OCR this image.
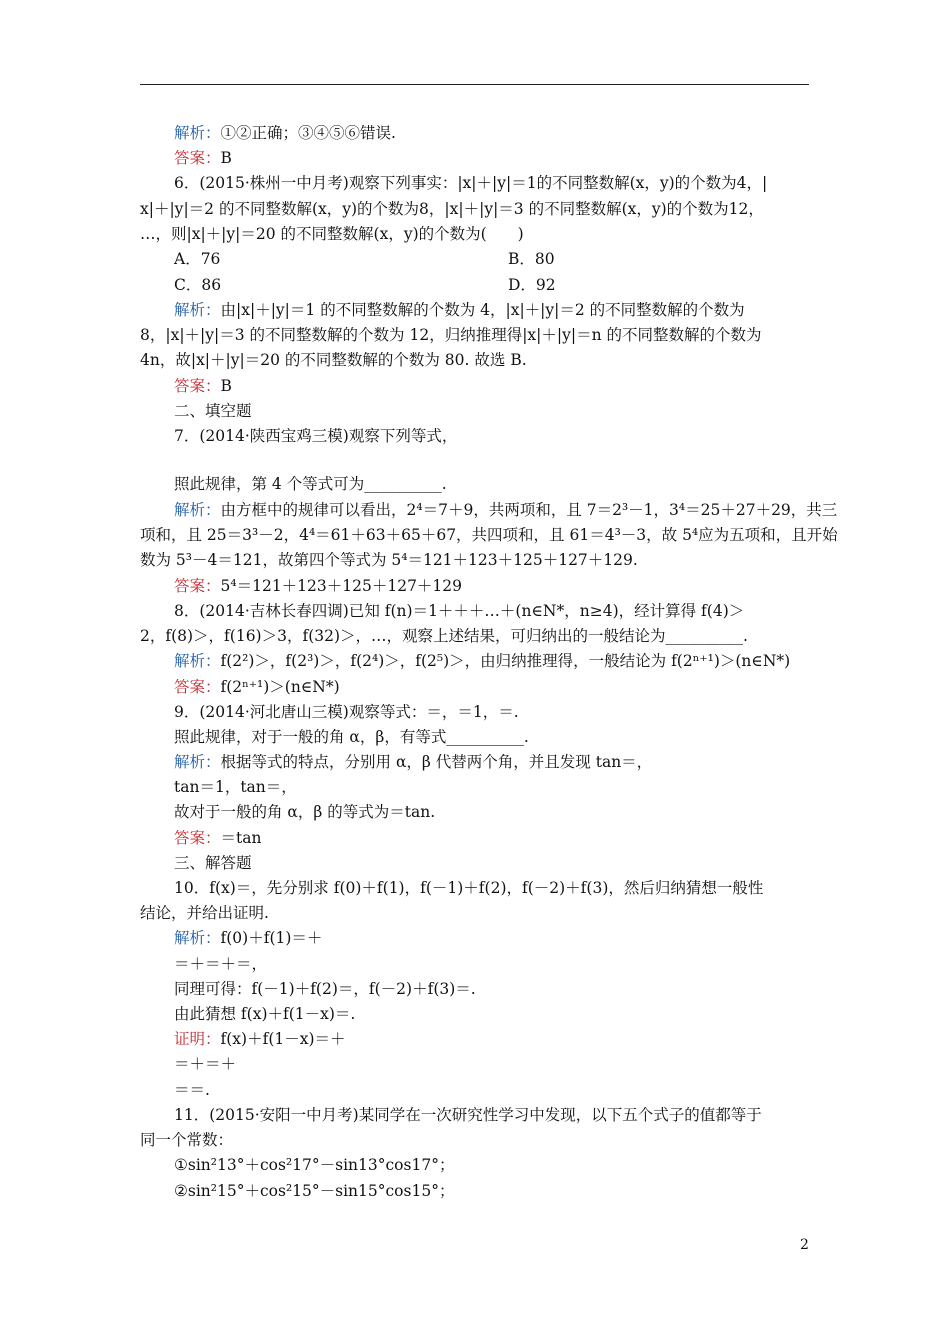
解析：①②正确；③④⑤⑥错误.
答案：B
6．(2015·株州一中月考)观察下列事实：|x|＋|y|＝1的不同整数解(x，y)的个数为4，|
x|＋|y|＝2 的不同整数解(x，y)的个数为8，|x|＋|y|＝3 的不同整数解(x，y)的个数为12，
…，则|x|＋|y|＝20 的不同整数解(x，y)的个数为(　　)
A．76	B．80
C．86	D．92
解析：由|x|＋|y|＝1 的不同整数解的个数为 4，|x|＋|y|＝2 的不同整数解的个数为
8，|x|＋|y|＝3 的不同整数解的个数为 12，归纳推理得|x|＋|y|＝n 的不同整数解的个数为
4n，故|x|＋|y|＝20 的不同整数解的个数为 80. 故选 B.
答案：B
二、填空题
7．(2014·陕西宝鸡三模)观察下列等式，
照此规律，第 4 个等式可为__________.
解析：由方框中的规律可以看出，2⁴＝7＋9，共两项和，且 7＝2³－1，3⁴＝25＋27＋29，共三
项和，且 25＝3³－2，4⁴＝61＋63＋65＋67，共四项和，且 61＝4³－3，故 5⁴应为五项和，且开始
数为 5³－4＝121，故第四个等式为 5⁴＝121＋123＋125＋127＋129.
答案：5⁴＝121＋123＋125＋127＋129
8．(2014·吉林长春四调)已知 f(n)＝1＋＋＋…＋(n∈N*，n≥4)，经计算得 f(4)＞
2，f(8)＞，f(16)＞3，f(32)＞，…，观察上述结果，可归纳出的一般结论为__________.
解析：f(2²)＞，f(2³)＞，f(2⁴)＞，f(2⁵)＞，由归纳推理得，一般结论为 f(2ⁿ⁺¹)＞(n∈N*)
答案：f(2ⁿ⁺¹)＞(n∈N*)
9．(2014·河北唐山三模)观察等式：＝，＝1，＝.
照此规律，对于一般的角 α，β，有等式__________.
解析：根据等式的特点，分别用 α，β 代替两个角，并且发现 tan＝，
tan＝1，tan＝，
故对于一般的角 α，β 的等式为＝tan.
答案：＝tan
三、解答题
10．f(x)＝，先分别求 f(0)＋f(1)，f(－1)＋f(2)，f(－2)＋f(3)，然后归纳猜想一般性
结论，并给出证明.
解析：f(0)＋f(1)＝＋
＝＋＝＋＝，
同理可得：f(－1)＋f(2)＝，f(－2)＋f(3)＝.
由此猜想 f(x)＋f(1－x)＝.
证明：f(x)＋f(1－x)＝＋
＝＋＝＋
＝＝.
11．(2015·安阳一中月考)某同学在一次研究性学习中发现，以下五个式子的值都等于
同一个常数：
①sin²13°＋cos²17°－sin13°cos17°；
②sin²15°＋cos²15°－sin15°cos15°；
2
